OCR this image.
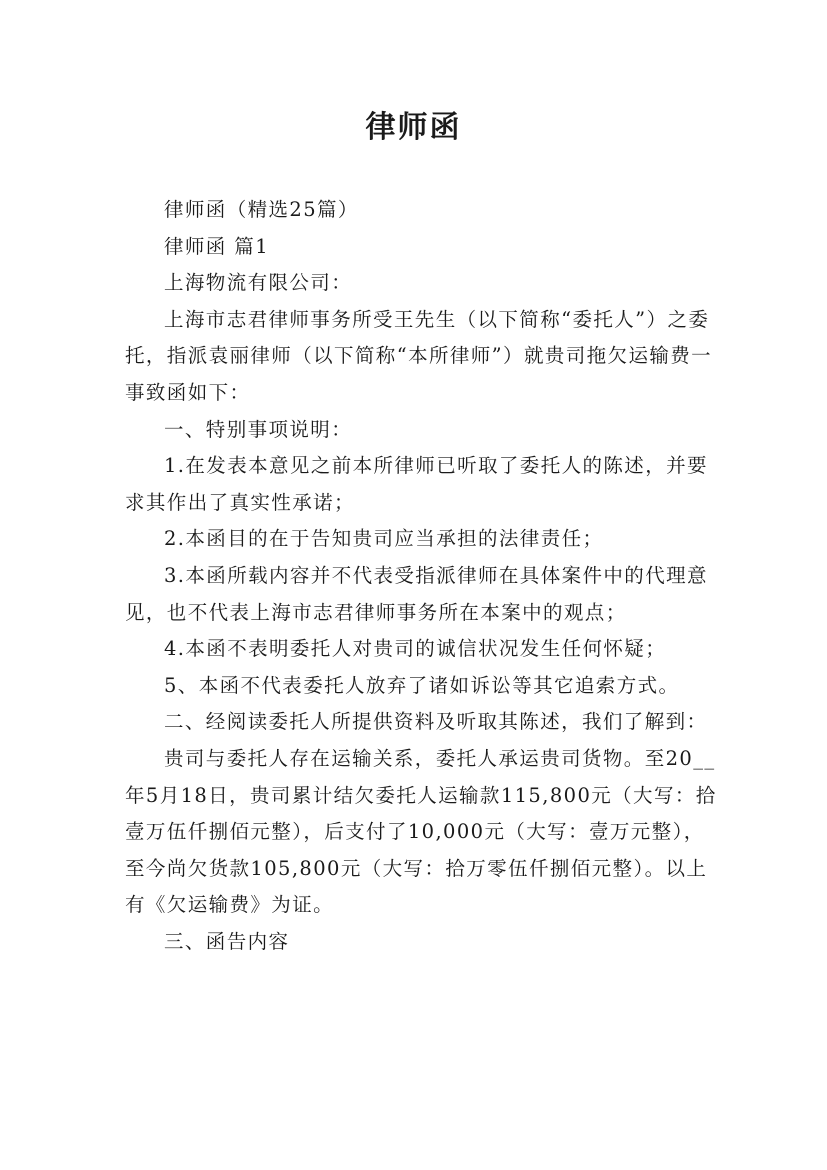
律师函

律师函（精选25篇）

律师函 篇1

上海物流有限公司：

上海市志君律师事务所受王先生（以下简称“委托人”）之委托，指派袁丽律师（以下简称“本所律师”）就贵司拖欠运输费一事致函如下：

一、特别事项说明：

1.在发表本意见之前本所律师已听取了委托人的陈述，并要求其作出了真实性承诺；

2.本函目的在于告知贵司应当承担的法律责任；

3.本函所载内容并不代表受指派律师在具体案件中的代理意见，也不代表上海市志君律师事务所在本案中的观点；

4.本函不表明委托人对贵司的诚信状况发生任何怀疑；

5、本函不代表委托人放弃了诸如诉讼等其它追索方式。

二、经阅读委托人所提供资料及听取其陈述，我们了解到：

贵司与委托人存在运输关系，委托人承运贵司货物。至20__年5月18日，贵司累计结欠委托人运输款115,800元（大写：拾壹万伍仟捌佰元整），后支付了10,000元（大写：壹万元整），至今尚欠货款105,800元（大写：拾万零伍仟捌佰元整）。以上有《欠运输费》为证。

三、函告内容
